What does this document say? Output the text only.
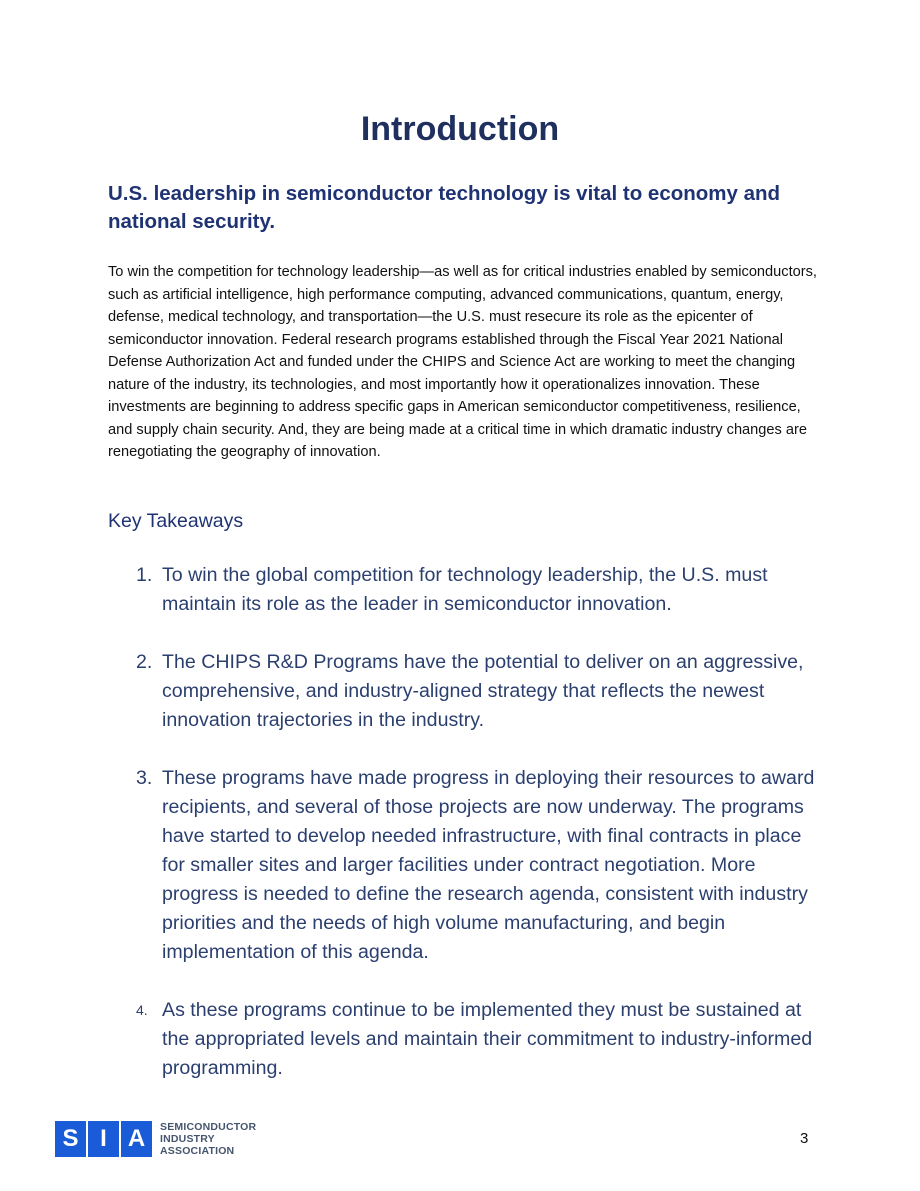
Introduction
U.S. leadership in semiconductor technology is vital to economy and national security.

To win the competition for technology leadership—as well as for critical industries enabled by semiconductors, such as artificial intelligence, high performance computing, advanced communications, quantum, energy, defense, medical technology, and transportation—the U.S. must resecure its role as the epicenter of semiconductor innovation. Federal research programs established through the Fiscal Year 2021 National Defense Authorization Act and funded under the CHIPS and Science Act are working to meet the changing nature of the industry, its technologies, and most importantly how it operationalizes innovation. These investments are beginning to address specific gaps in American semiconductor competitiveness, resilience, and supply chain security. And, they are being made at a critical time in which dramatic industry changes are renegotiating the geography of innovation.

Key Takeaways
1. To win the global competition for technology leadership, the U.S. must maintain its role as the leader in semiconductor innovation.
2. The CHIPS R&D Programs have the potential to deliver on an aggressive, comprehensive, and industry-aligned strategy that reflects the newest innovation trajectories in the industry.
3. These programs have made progress in deploying their resources to award recipients, and several of those projects are now underway. The programs have started to develop needed infrastructure, with final contracts in place for smaller sites and larger facilities under contract negotiation. More progress is needed to define the research agenda, consistent with industry priorities and the needs of high volume manufacturing, and begin implementation of this agenda.
4. As these programs continue to be implemented they must be sustained at the appropriated levels and maintain their commitment to industry-informed programming.
S I A	SEMICONDUCTOR
INDUSTRY
ASSOCIATION
3
